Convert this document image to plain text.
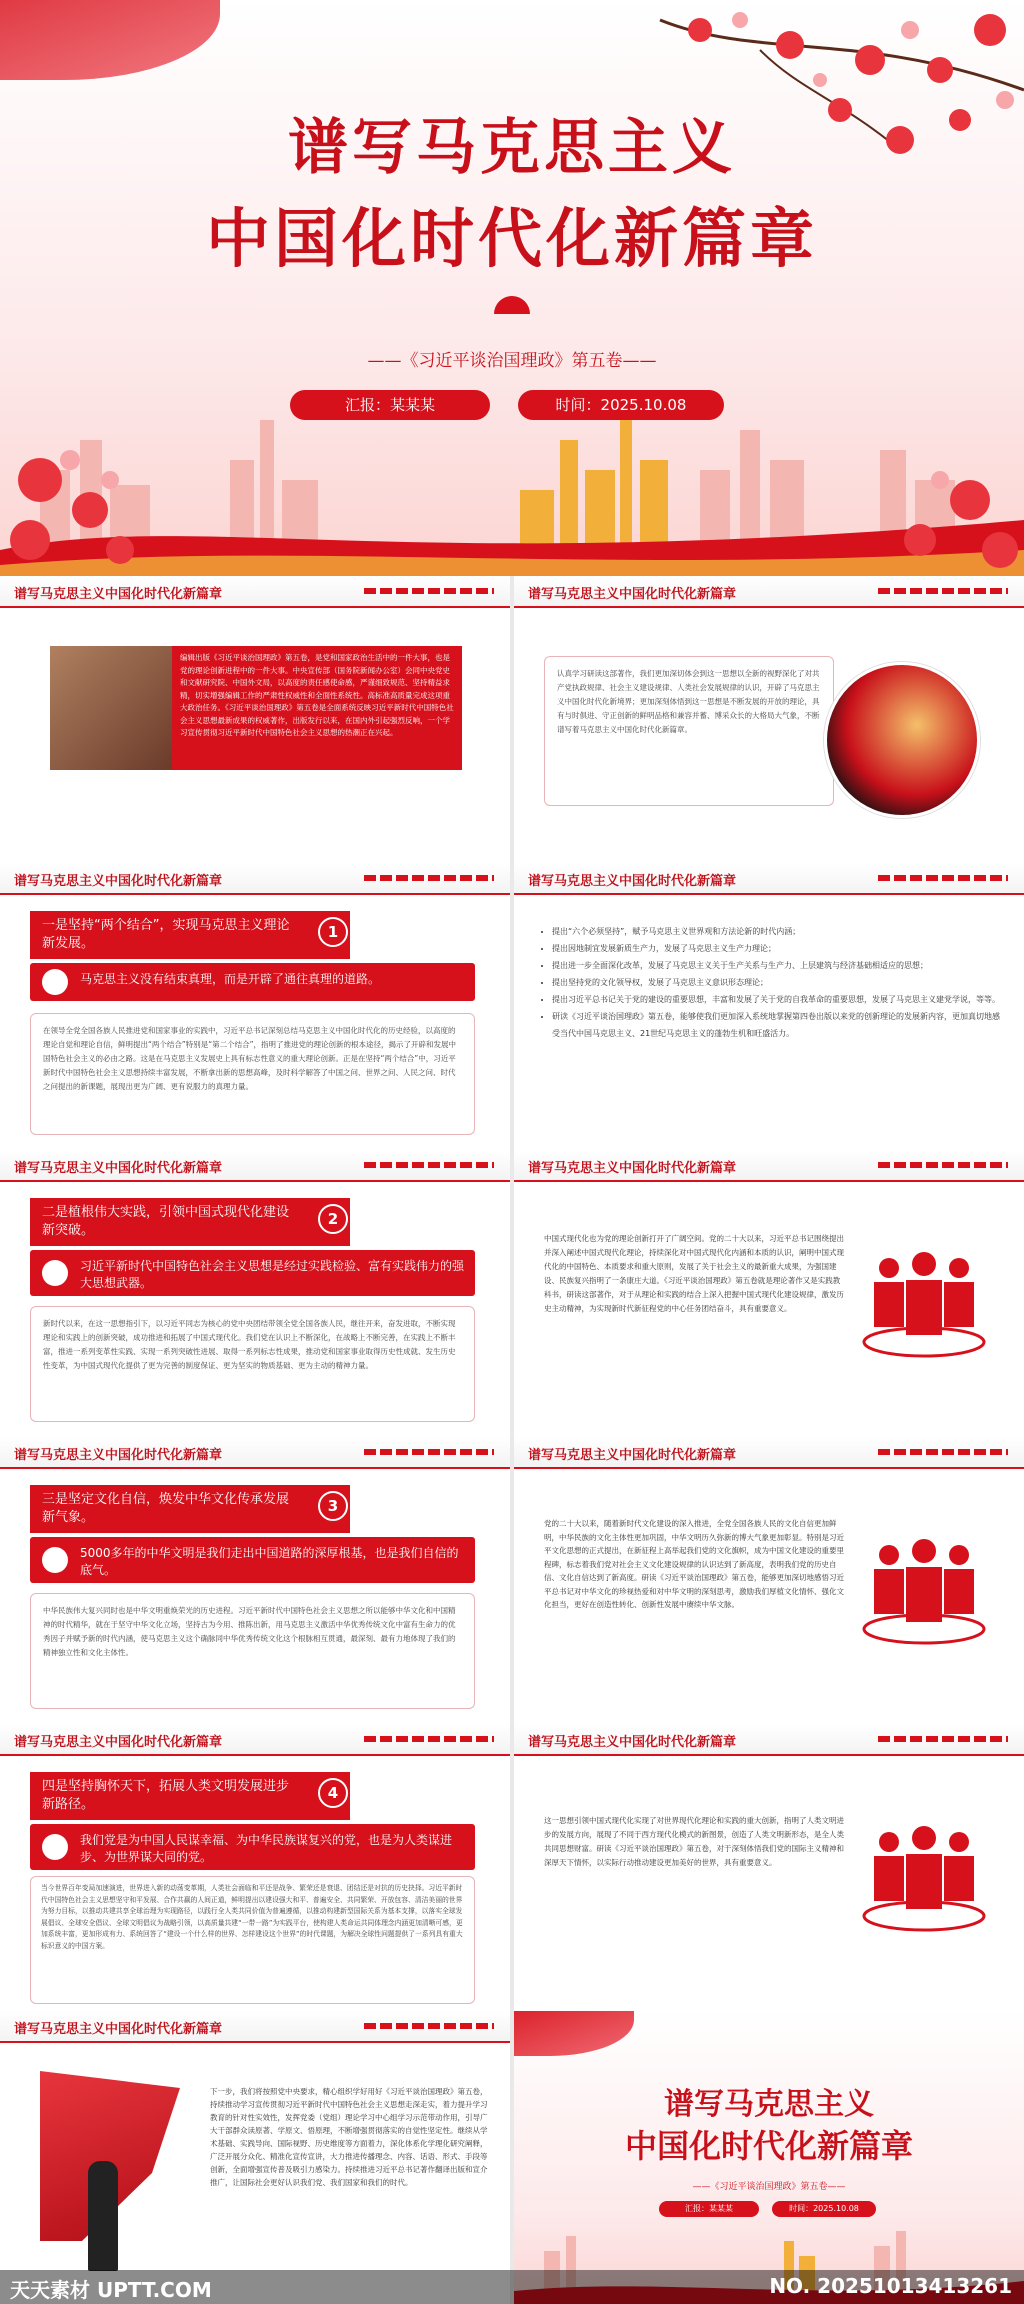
谱写马克思主义
中国化时代化新篇章
——《习近平谈治国理政》第五卷——
汇报：某某某	时间：2025.10.08
谱写马克思主义中国化时代化新篇章
编辑出版《习近平谈治国理政》第五卷，是党和国家政治生活中的一件大事，也是党的理论创新进程中的一件大事。中央宣传部（国务院新闻办公室）会同中央党史和文献研究院、中国外文局，以高度的责任感使命感，严谨细致规范、坚持精益求精，切实增强编辑工作的严肃性权威性和全面性系统性。高标准高质量完成这项重大政治任务。《习近平谈治国理政》第五卷是全面系统反映习近平新时代中国特色社会主义思想最新成果的权威著作，出版发行以来，在国内外引起强烈反响，一个学习宣传贯彻习近平新时代中国特色社会主义思想的热潮正在兴起。
谱写马克思主义中国化时代化新篇章
认真学习研读这部著作，我们更加深切体会到这一思想以全新的视野深化了对共产党执政规律、社会主义建设规律、人类社会发展规律的认识，开辟了马克思主义中国化时代化新境界；更加深刻体悟到这一思想是不断发展的开放的理论，具有与时俱进、守正创新的鲜明品格和兼容并蓄、博采众长的大格局大气象，不断谱写着马克思主义中国化时代化新篇章。
谱写马克思主义中国化时代化新篇章
一是坚持“两个结合”，实现马克思主义理论新发展。
1
马克思主义没有结束真理，而是开辟了通往真理的道路。
在领导全党全国各族人民推进党和国家事业的实践中，习近平总书记深刻总结马克思主义中国化时代化的历史经验，以高度的理论自觉和理论自信，鲜明提出“两个结合”特别是“第二个结合”，指明了推进党的理论创新的根本途径，揭示了开辟和发展中国特色社会主义的必由之路。这是在马克思主义发展史上具有标志性意义的重大理论创新。正是在坚持“两个结合”中，习近平新时代中国特色社会主义思想持续丰富发展，不断拿出新的思想高峰，及时科学解答了中国之问、世界之问、人民之问、时代之问提出的新课题，展现出更为广阔、更有说服力的真理力量。
谱写马克思主义中国化时代化新篇章
• 提出“六个必须坚持”，赋予马克思主义世界观和方法论新的时代内涵；
• 提出因地制宜发展新质生产力，发展了马克思主义生产力理论；
• 提出进一步全面深化改革，发展了马克思主义关于生产关系与生产力、上层建筑与经济基础相适应的思想；
• 提出坚持党的文化领导权，发展了马克思主义意识形态理论；
• 提出习近平总书记关于党的建设的重要思想，丰富和发展了关于党的自我革命的重要思想，发展了马克思主义建党学说，等等。
• 研读《习近平谈治国理政》第五卷，能够使我们更加深入系统地掌握第四卷出版以来党的创新理论的发展新内容，更加真切地感受当代中国马克思主义、21世纪马克思主义的蓬勃生机和旺盛活力。
谱写马克思主义中国化时代化新篇章
二是植根伟大实践，引领中国式现代化建设新突破。
2
习近平新时代中国特色社会主义思想是经过实践检验、富有实践伟力的强大思想武器。
新时代以来，在这一思想指引下，以习近平同志为核心的党中央团结带领全党全国各族人民，继往开来，奋发进取，不断实现理论和实践上的创新突破，成功推进和拓展了中国式现代化。我们党在认识上不断深化，在战略上不断完善，在实践上不断丰富，推进一系列变革性实践、实现一系列突破性进展、取得一系列标志性成果，推动党和国家事业取得历史性成就、发生历史性变革，为中国式现代化提供了更为完善的制度保证、更为坚实的物质基础、更为主动的精神力量。
谱写马克思主义中国化时代化新篇章
中国式现代化也为党的理论创新打开了广阔空间。党的二十大以来，习近平总书记围绕提出并深入阐述中国式现代化理论，持续深化对中国式现代化内涵和本质的认识，阐明中国式现代化的中国特色、本质要求和重大原则，发展了关于社会主义的最新重大成果，为强国建设、民族复兴指明了一条康庄大道。《习近平谈治国理政》第五卷就是理论著作又是实践教科书，研读这部著作，对于从理论和实践的结合上深入把握中国式现代化建设规律，激发历史主动精神，为实现新时代新征程党的中心任务团结奋斗，具有重要意义。
谱写马克思主义中国化时代化新篇章
三是坚定文化自信，焕发中华文化传承发展新气象。
3
5000多年的中华文明是我们走出中国道路的深厚根基，也是我们自信的底气。
中华民族伟大复兴同时也是中华文明重焕荣光的历史进程。习近平新时代中国特色社会主义思想之所以能够中华文化和中国精神的时代精华，就在于坚守中华文化立场，坚持古为今用、推陈出新，用马克思主义激活中华优秀传统文化中富有生命力的优秀因子并赋予新的时代内涵，使马克思主义这个确脉同中华优秀传统文化这个根脉相互贯通，最深刻、最有力地体现了我们的精神独立性和文化主体性。
谱写马克思主义中国化时代化新篇章
党的二十大以来，随着新时代文化建设的深入推进，全党全国各族人民的文化自信更加鲜明，中华民族的文化主体性更加巩固，中华文明历久弥新的博大气象更加彰显。特别是习近平文化思想的正式提出，在新征程上高举起我们党的文化旗帜，成为中国文化建设的重要里程碑，标志着我们党对社会主义文化建设规律的认识达到了新高度，表明我们党的历史自信、文化自信达到了新高度。研读《习近平谈治国理政》第五卷，能够更加深切地感悟习近平总书记对中华文化的珍视热爱和对中华文明的深刻思考，激励我们厚植文化情怀、强化文化担当，更好在创造性转化、创新性发展中赓续中华文脉。
谱写马克思主义中国化时代化新篇章
四是坚持胸怀天下，拓展人类文明发展进步新路径。
4
我们党是为中国人民谋幸福、为中华民族谋复兴的党，也是为人类谋进步、为世界谋大同的党。
当今世界百年变局加速演进，世界进入新的动荡变革期，人类社会面临和平还是战争、繁荣还是衰退、团结还是对抗的历史抉择。习近平新时代中国特色社会主义思想坚守和平发展、合作共赢的人间正道，鲜明提出以建设强大和平、普遍安全、共同繁荣、开放包容、清洁美丽的世界为努力目标，以推动共建共享全球治理为实现路径，以践行全人类共同价值为普遍遵循，以推动构建新型国际关系为基本支撑，以落实全球发展倡议、全球安全倡议、全球文明倡议为战略引领，以高质量共建“一带一路”为实践平台，使构建人类命运共同体理念内涵更加清晰可感，更加系统丰富，更加形成有力、系统回答了“建设一个什么样的世界、怎样建设这个世界”的时代课题，为解决全球性问题提供了一系列具有重大标识意义的中国方案。
谱写马克思主义中国化时代化新篇章
这一思想引领中国式现代化实现了对世界现代化理论和实践的重大创新，指明了人类文明进步的发展方向，展现了不同于西方现代化模式的新图景，创造了人类文明新形态，是全人类共同思想财富。研读《习近平谈治国理政》第五卷，对于深刻体悟我们党的国际主义精神和深厚天下情怀，以实际行动推动建设更加美好的世界，具有重要意义。
谱写马克思主义中国化时代化新篇章
下一步，我们将按照党中央要求，精心组织学好用好《习近平谈治国理政》第五卷，持续推动学习宣传贯彻习近平新时代中国特色社会主义思想走深走实，着力提升学习教育的针对性实效性，发挥党委（党组）理论学习中心组学习示范带动作用，引导广大干部群众读原著、学原文、悟原理，不断增强贯彻落实的自觉性坚定性。继续从学术基础、实践导向、国际视野、历史维度等方面着力，深化体系化学理化研究阐释，广泛开展分众化、精准化宣传宣讲，大力推进传播理念、内容、话语、形式、手段等创新，全面增强宣传普及吸引力感染力。持续推进习近平总书记著作翻译出版和宣介推广，让国际社会更好认识我们党、我们国家和我们的时代。
谱写马克思主义
中国化时代化新篇章
——《习近平谈治国理政》第五卷——
汇报：某某某	时间：2025.10.08
天天素材 UPTT.COM	NO. 20251013413261
